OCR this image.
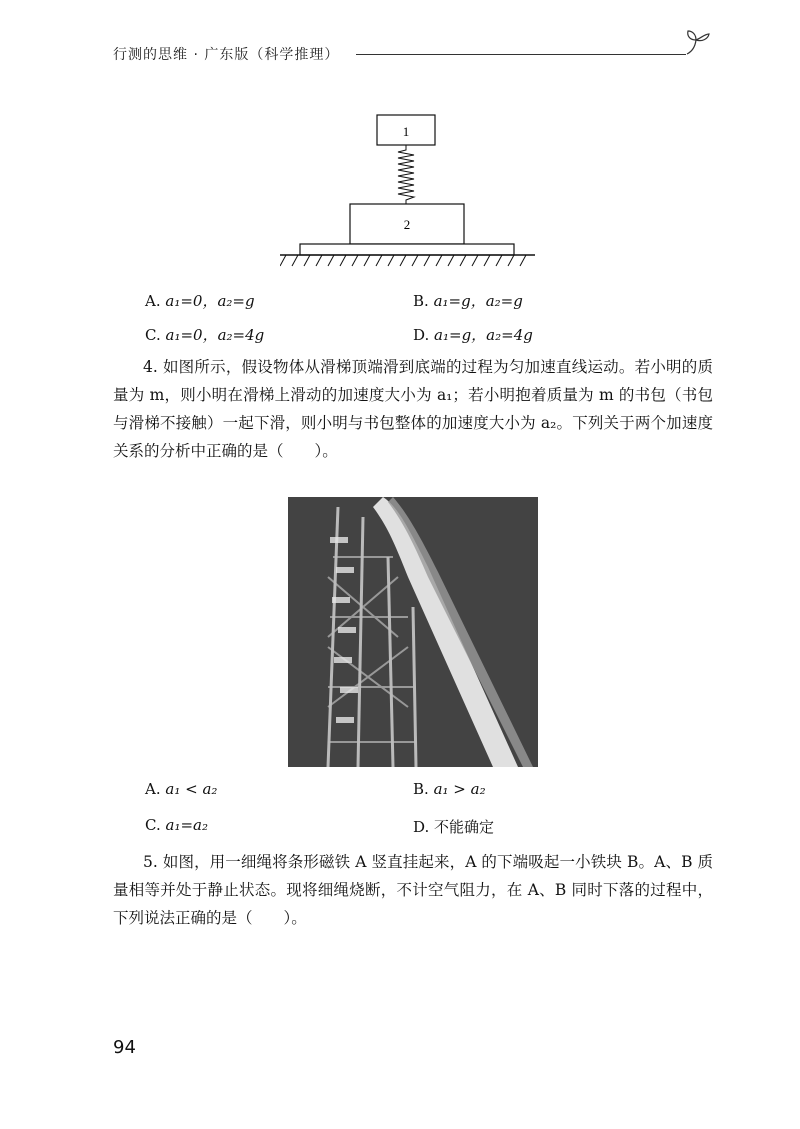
行测的思维 · 广东版（科学推理）
1
2
A. a₁=0，a₂=g	B. a₁=g，a₂=g
C. a₁=0，a₂=4g	D. a₁=g，a₂=4g
4. 如图所示，假设物体从滑梯顶端滑到底端的过程为匀加速直线运动。若小明的质量为 m，则小明在滑梯上滑动的加速度大小为 a₁；若小明抱着质量为 m 的书包（书包与滑梯不接触）一起下滑，则小明与书包整体的加速度大小为 a₂。下列关于两个加速度关系的分析中正确的是（　　）。
A. a₁ < a₂	B. a₁ > a₂
C. a₁=a₂	D. 不能确定
5. 如图，用一细绳将条形磁铁 A 竖直挂起来，A 的下端吸起一小铁块 B。A、B 质量相等并处于静止状态。现将细绳烧断，不计空气阻力，在 A、B 同时下落的过程中，下列说法正确的是（　　）。
94
